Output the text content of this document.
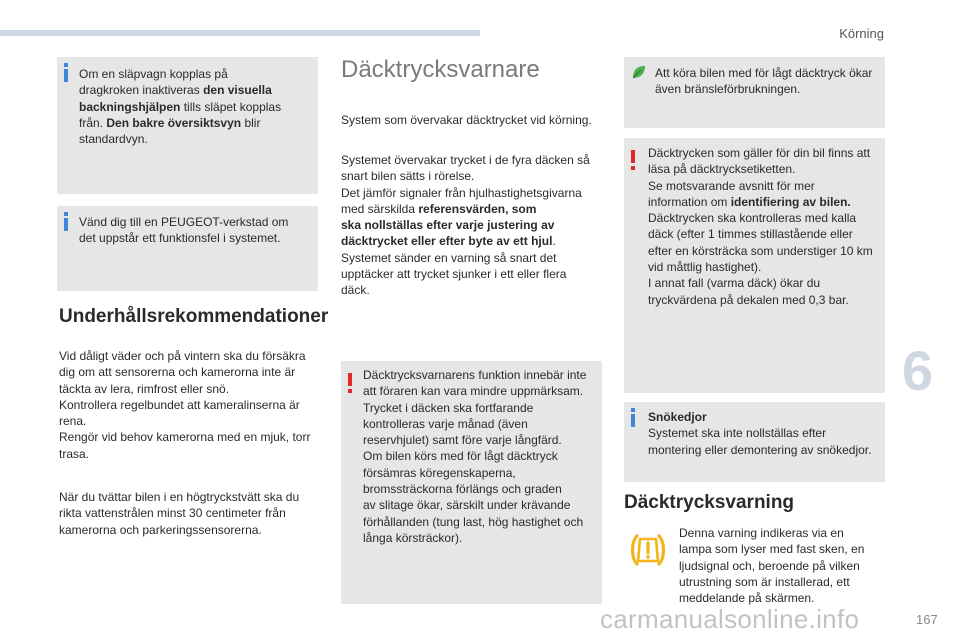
Körning
6
167
carmanualsonline.info

Om en släpvagn kopplas på

dragkroken inaktiveras den visuella

backningshjälpen tills släpet kopplas

från. Den bakre översiktsvyn blir

standardvyn.

Vänd dig till en PEUGEOT-verkstad om

det uppstår ett funktionsfel i systemet.

Underhållsrekommendationer
Vid dåligt väder och på vintern ska du försäkra
dig om att sensorerna och kamerorna inte är
täckta av lera, rimfrost eller snö.
Kontrollera regelbundet att kameralinserna är
rena.
Rengör vid behov kamerorna med en mjuk, torr
trasa.
När du tvättar bilen i en högtryckstvätt ska du
rikta vattenstrålen minst 30 centimeter från
kamerorna och parkeringssensorerna.
Däcktrycksvarnare
System som övervakar däcktrycket vid körning.
Systemet övervakar trycket i de fyra däcken så
snart bilen sätts i rörelse.
Det jämför signaler från hjulhastighetsgivarna
med särskilda referensvärden, som
ska nollställas efter varje justering av
däcktrycket eller efter byte av ett hjul.
Systemet sänder en varning så snart det
upptäcker att trycket sjunker i ett eller flera
däck.

Däcktrycksvarnarens funktion innebär inte

att föraren kan vara mindre uppmärksam.

Trycket i däcken ska fortfarande

kontrolleras varje månad (även

reservhjulet) samt före varje långfärd.

Om bilen körs med för lågt däcktryck

försämras köregenskaperna,

bromssträckorna förlängs och graden

av slitage ökar, särskilt under krävande

förhållanden (tung last, hög hastighet och

långa körsträckor).

Att köra bilen med för lågt däcktryck ökar

även bränsleförbrukningen.

Däcktrycken som gäller för din bil finns att

läsa på däcktrycksetiketten.

Se motsvarande avsnitt för mer

information om identifiering av bilen.

Däcktrycken ska kontrolleras med kalla

däck (efter 1 timmes stillastående eller

efter en körsträcka som understiger 10 km

vid måttlig hastighet).

I annat fall (varma däck) ökar du

tryckvärdena på dekalen med 0,3 bar.

Snökedjor

Systemet ska inte nollställas efter

montering eller demontering av snökedjor.

Däcktrycksvarning
Denna varning indikeras via en
lampa som lyser med fast sken, en
ljudsignal och, beroende på vilken
utrustning som är installerad, ett
meddelande på skärmen.
